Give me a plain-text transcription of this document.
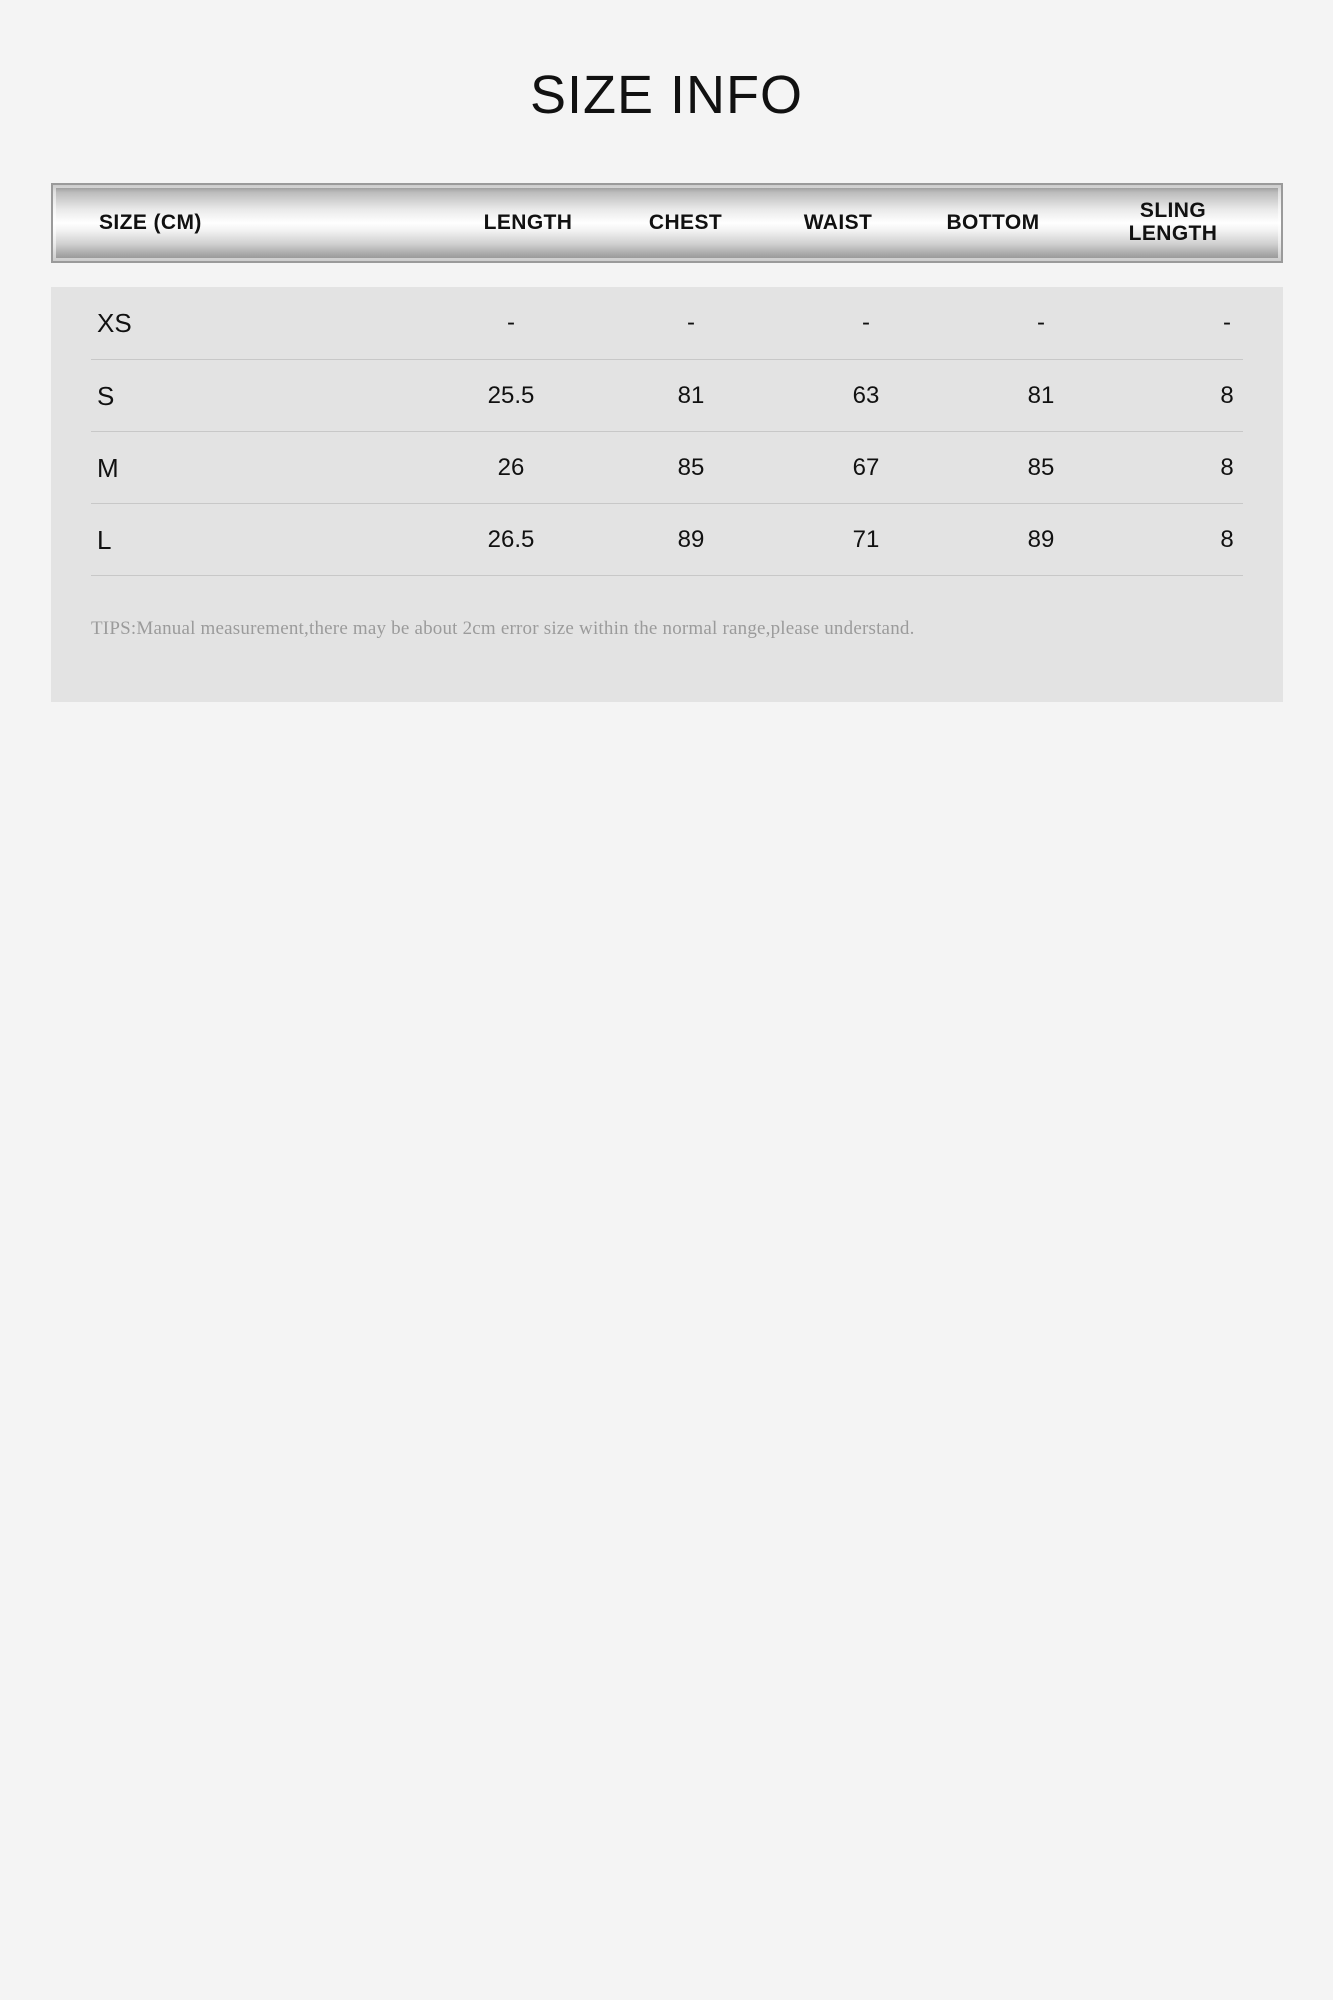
SIZE INFO
SIZE (CM)	LENGTH	CHEST	WAIST	BOTTOM	SLING
LENGTH
XS	-	-	-	-	-
S	25.5	81	63	81	8
M	26	85	67	85	8
L	26.5	89	71	89	8
TIPS:Manual measurement,there may be about 2cm error size within the normal range,please understand.
